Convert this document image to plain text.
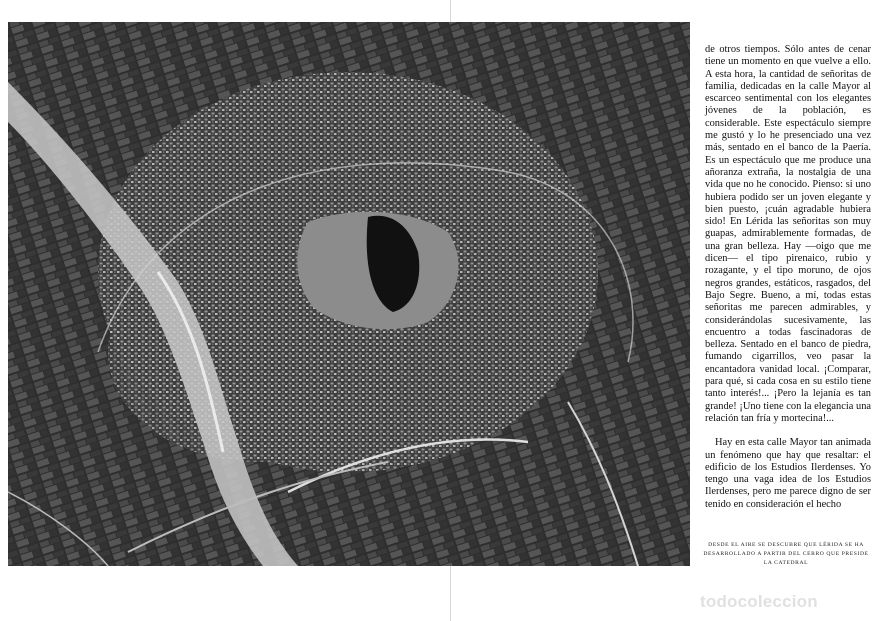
de otros tiempos. Sólo antes de cenar tiene un momento en que vuelve a ello. A esta hora, la cantidad de señoritas de familia, dedicadas en la calle Mayor al escarceo sentimental con los elegantes jóvenes de la población, es considerable. Este espectáculo siempre me gustó y lo he presenciado una vez más, sentado en el banco de la Paería. Es un espectáculo que me produce una añoranza extraña, la nostalgia de una vida que no he conocido. Pienso: si uno hubiera podido ser un joven elegante y bien puesto, ¡cuán agradable hubiera sido! En Lérida las señoritas son muy guapas, admirablemente formadas, de una gran belleza. Hay —oigo que me dicen— el tipo pirenaico, rubio y rozagante, y el tipo moruno, de ojos negros grandes, estáticos, rasgados, del Bajo Segre. Bueno, a mí, todas estas señoritas me parecen admirables, y considerándolas sucesivamente, las encuentro a todas fascinadoras de belleza. Sentado en el banco de piedra, fumando cigarrillos, veo pasar la encantadora vanidad local. ¡Comparar, para qué, si cada cosa en su estilo tiene tanto interés!... ¡Pero la lejanía es tan grande! ¡Uno tiene con la elegancia una relación tan fría y mortecina!...

Hay en esta calle Mayor tan animada un fenómeno que hay que resaltar: el edificio de los Estudios Ilerdenses. Yo tengo una vaga idea de los Estudios Ilerdenses, pero me parece digno de ser tenido en consideración el hecho

DESDE EL AIRE SE DESCUBRE QUE LÉRIDA SE HA DESARROLLADO A PARTIR DEL CERRO QUE PRESIDE LA CATEDRAL
todocoleccion
